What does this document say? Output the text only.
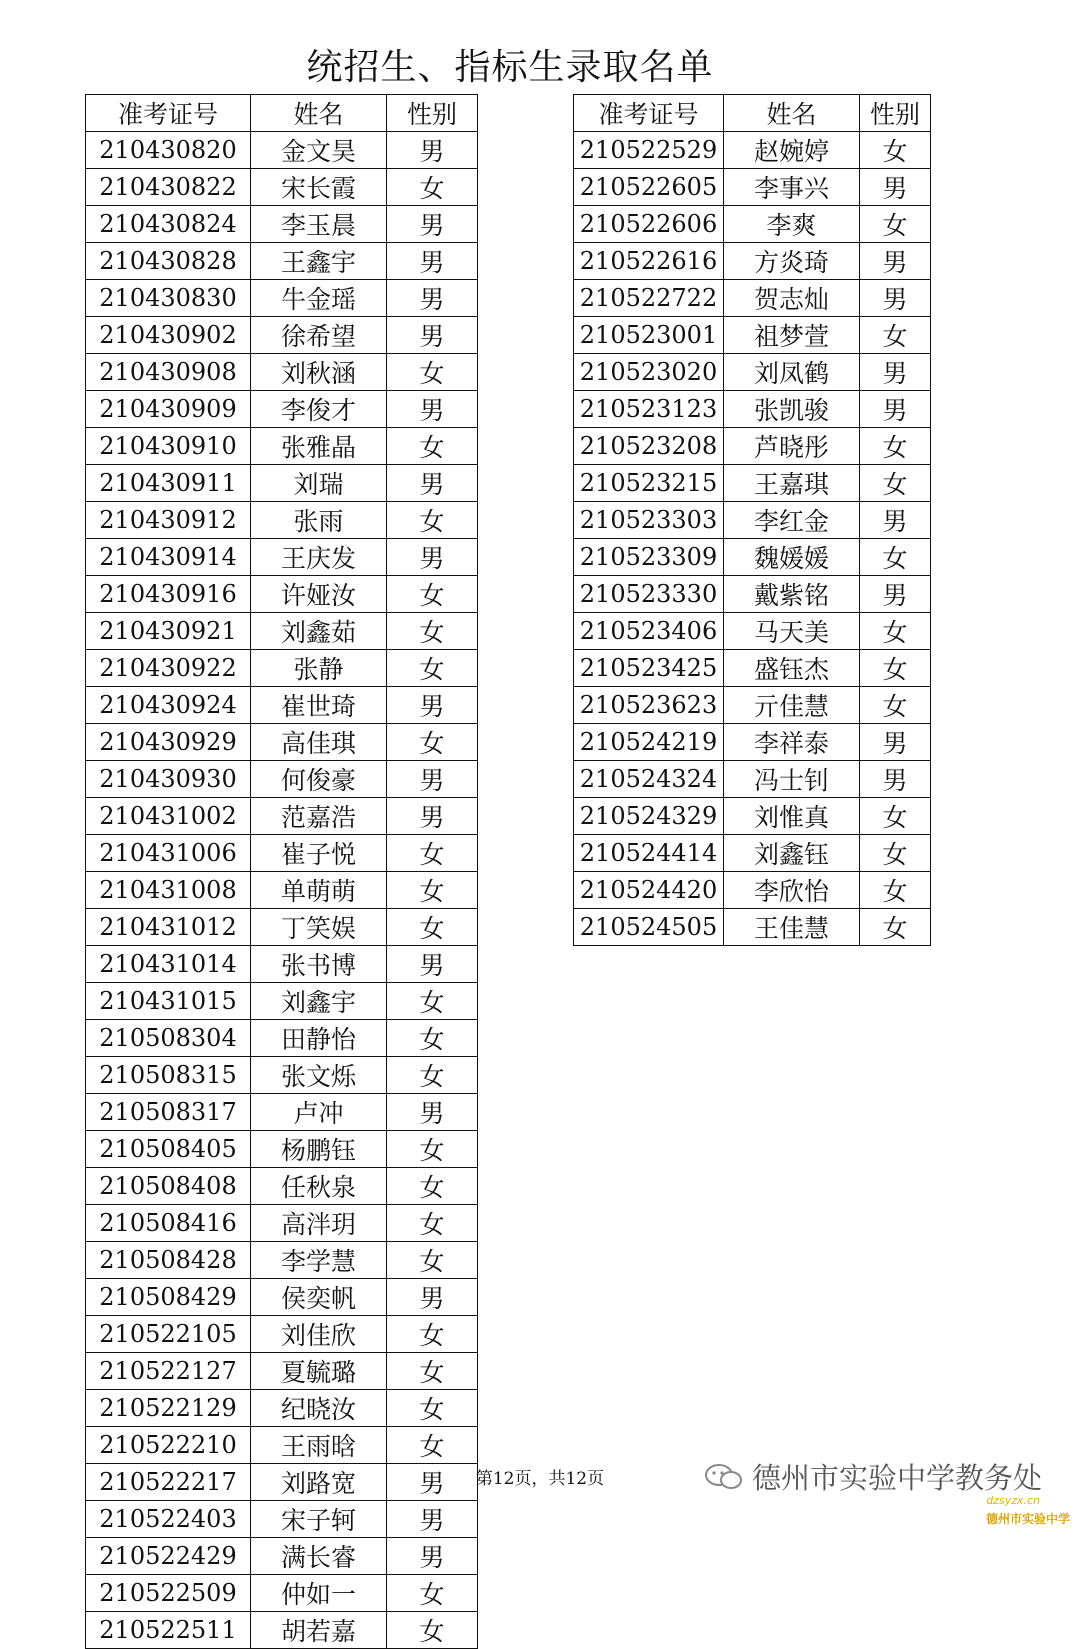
统招生、指标生录取名单
准考证号	姓名	性别
210430820	金文昊	男
210430822	宋长霞	女
210430824	李玉晨	男
210430828	王鑫宇	男
210430830	牛金瑶	男
210430902	徐希望	男
210430908	刘秋涵	女
210430909	李俊才	男
210430910	张雅晶	女
210430911	刘瑞	男
210430912	张雨	女
210430914	王庆发	男
210430916	许娅汝	女
210430921	刘鑫茹	女
210430922	张静	女
210430924	崔世琦	男
210430929	高佳琪	女
210430930	何俊豪	男
210431002	范嘉浩	男
210431006	崔子悦	女
210431008	单萌萌	女
210431012	丁笑娱	女
210431014	张书博	男
210431015	刘鑫宇	女
210508304	田静怡	女
210508315	张文烁	女
210508317	卢冲	男
210508405	杨鹏钰	女
210508408	任秋泉	女
210508416	高泮玥	女
210508428	李学慧	女
210508429	侯奕帆	男
210522105	刘佳欣	女
210522127	夏毓璐	女
210522129	纪晓汝	女
210522210	王雨晗	女
210522217	刘路宽	男
210522403	宋子轲	男
210522429	满长睿	男
210522509	仲如一	女
210522511	胡若嘉	女
准考证号	姓名	性别
210522529	赵婉婷	女
210522605	李事兴	男
210522606	李爽	女
210522616	方炎琦	男
210522722	贺志灿	男
210523001	祖梦萱	女
210523020	刘凤鹤	男
210523123	张凯骏	男
210523208	芦晓彤	女
210523215	王嘉琪	女
210523303	李红金	男
210523309	魏媛媛	女
210523330	戴紫铭	男
210523406	马天美	女
210523425	盛钰杰	女
210523623	亓佳慧	女
210524219	李祥泰	男
210524324	冯士钊	男
210524329	刘惟真	女
210524414	刘鑫钰	女
210524420	李欣怡	女
210524505	王佳慧	女
第12页，共12页	德州市实验中学教务处
dzsyzx.cn
德州市实验中学
